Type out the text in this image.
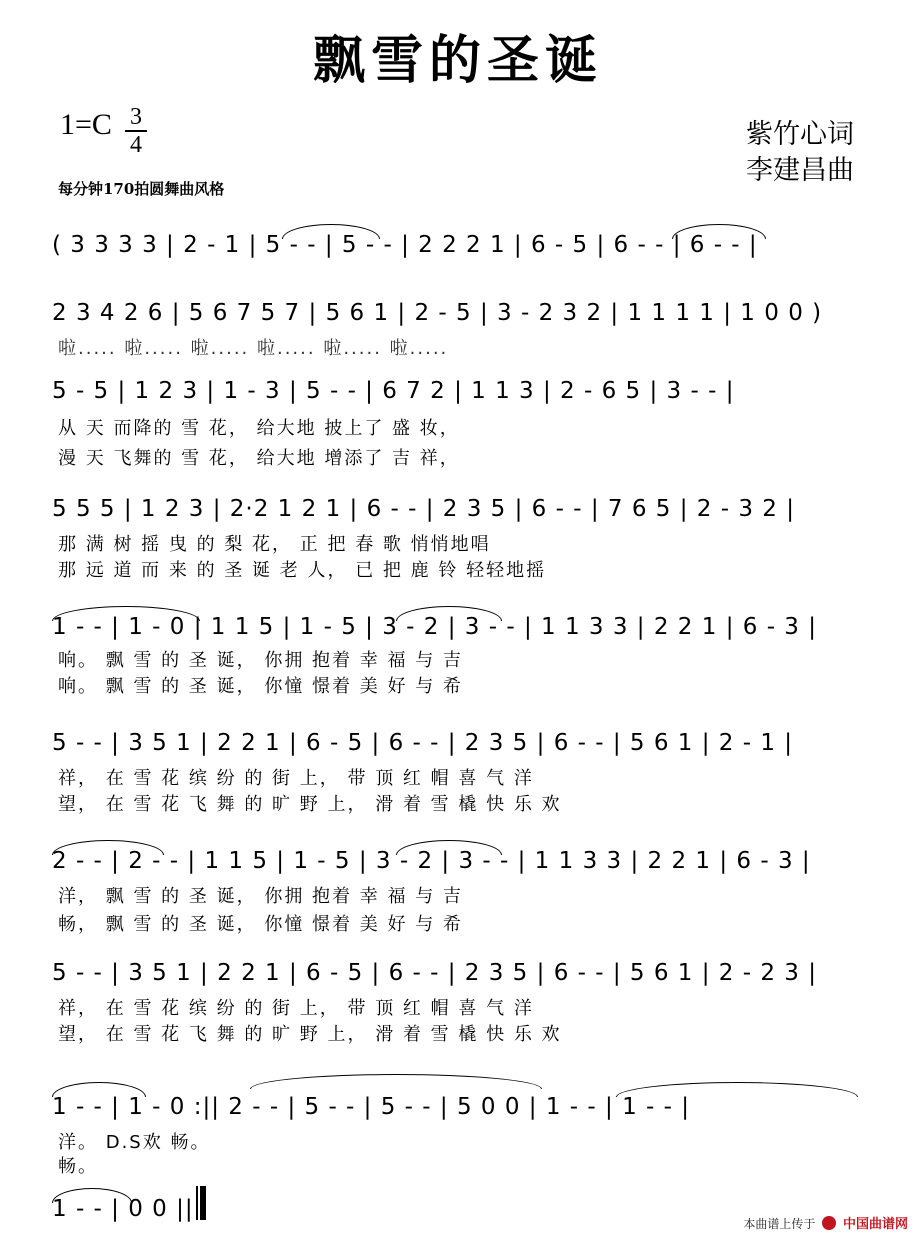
飘雪的圣诞
1=C 3
4	紫竹心词
李建昌曲
每分钟170拍圆舞曲风格
( 3 3 3 3 | 2 - 1 | 5 - - | 5 - - | 2 2 2 1 | 6 - 5 | 6 - - | 6 - - |
2 3 4 2 6 | 5 6 7 5 7 | 5 6 1 | 2 - 5 | 3 - 2 3 2 | 1 1 1 1 | 1 0 0 )
啦..... 啦..... 啦..... 啦..... 啦..... 啦.....
5 - 5 | 1 2 3 | 1 - 3 | 5 - - | 6 7 2 | 1 1 3 | 2 - 6 5 | 3 - - |
从 天 而降的 雪 花， 给大地 披上了 盛 妆，
漫 天 飞舞的 雪 花， 给大地 增添了 吉 祥，
5 5 5 | 1 2 3 | 2·2 1 2 1 | 6 - - | 2 3 5 | 6 - - | 7 6 5 | 2 - 3 2 |
那 满 树 摇 曳 的 梨 花， 正 把 春 歌 悄悄地唱
那 远 道 而 来 的 圣 诞 老 人， 已 把 鹿 铃 轻轻地摇
1 - - | 1 - 0 | 1 1 5 | 1 - 5 | 3 - 2 | 3 - - | 1 1 3 3 | 2 2 1 | 6 - 3 |
响。 飘 雪 的 圣 诞， 你拥 抱着 幸 福 与 吉
响。 飘 雪 的 圣 诞， 你憧 憬着 美 好 与 希
5 - - | 3 5 1 | 2 2 1 | 6 - 5 | 6 - - | 2 3 5 | 6 - - | 5 6 1 | 2 - 1 |
祥， 在 雪 花 缤 纷 的 街 上， 带 顶 红 帽 喜 气 洋
望， 在 雪 花 飞 舞 的 旷 野 上， 滑 着 雪 橇 快 乐 欢
2 - - | 2 - - | 1 1 5 | 1 - 5 | 3 - 2 | 3 - - | 1 1 3 3 | 2 2 1 | 6 - 3 |
洋， 飘 雪 的 圣 诞， 你拥 抱着 幸 福 与 吉
畅， 飘 雪 的 圣 诞， 你憧 憬着 美 好 与 希
5 - - | 3 5 1 | 2 2 1 | 6 - 5 | 6 - - | 2 3 5 | 6 - - | 5 6 1 | 2 - 2 3 |
祥， 在 雪 花 缤 纷 的 街 上， 带 顶 红 帽 喜 气 洋
望， 在 雪 花 飞 舞 的 旷 野 上， 滑 着 雪 橇 快 乐 欢
1 - - | 1 - 0 :|| 2 - - | 5 - - | 5 - - | 5 0 0 | 1 - - | 1 - - |
洋。 D.S欢 畅。
畅。
1 - - | 0 0 ||
本曲谱上传于 中国曲谱网
